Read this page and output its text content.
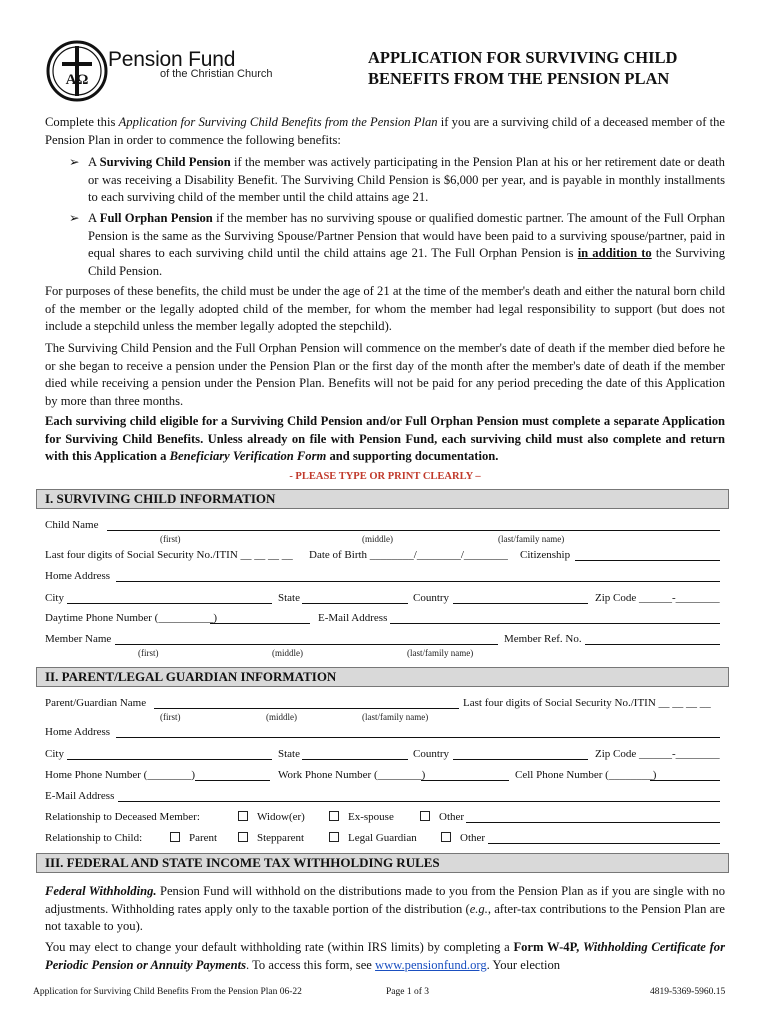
AΩ
Pension Fund
of the Christian Church
APPLICATION FOR SURVIVING CHILD
BENEFITS FROM THE PENSION PLAN
Complete this Application for Surviving Child Benefits from the Pension Plan if you are a surviving child of a deceased member of the Pension Plan in order to commence the following benefits:
➢ A Surviving Child Pension if the member was actively participating in the Pension Plan at his or her retirement date or death or was receiving a Disability Benefit. The Surviving Child Pension is $6,000 per year, and is payable in monthly installments to each surviving child of the member until the child attains age 21.
➢ A Full Orphan Pension if the member has no surviving spouse or qualified domestic partner. The amount of the Full Orphan Pension is the same as the Surviving Spouse/Partner Pension that would have been paid to a surviving spouse/partner, paid in equal shares to each surviving child until the child attains age 21. The Full Orphan Pension is in addition to the Surviving Child Pension.
For purposes of these benefits, the child must be under the age of 21 at the time of the member's death and either the natural born child of the member or the legally adopted child of the member, for whom the member had legal responsibility to support (but does not include a stepchild unless the member legally adopted the stepchild).
The Surviving Child Pension and the Full Orphan Pension will commence on the member's date of death if the member died before he or she began to receive a pension under the Pension Plan or the first day of the month after the member's date of death if the member died while receiving a pension under the Pension Plan. Benefits will not be paid for any period preceding the date of this Application by more than three months.
Each surviving child eligible for a Surviving Child Pension and/or Full Orphan Pension must complete a separate Application for Surviving Child Benefits. Unless already on file with Pension Fund, each surviving child must also complete and return with this Application a Beneficiary Verification Form and supporting documentation.
- PLEASE TYPE OR PRINT CLEARLY –
I. SURVIVING CHILD INFORMATION
Child Name
(first)	(middle)	(last/family name)
Last four digits of Social Security No./ITIN __ __ __ __ Date of Birth ________/________/________ Citizenship
Home Address
City	State	Country	Zip Code ______-________
Daytime Phone Number (__________)	E-Mail Address
Member Name	Member Ref. No.
(first)	(middle)	(last/family name)
II. PARENT/LEGAL GUARDIAN INFORMATION
Parent/Guardian Name	Last four digits of Social Security No./ITIN __ __ __ __
(first)	(middle)	(last/family name)
Home Address
City	State	Country	Zip Code ______-________
Home Phone Number (________)	Work Phone Number (________)	Cell Phone Number (________)
E-Mail Address
Relationship to Deceased Member:	Widow(er)	Ex-spouse	Other
Relationship to Child:	Parent	Stepparent	Legal Guardian	Other
III. FEDERAL AND STATE INCOME TAX WITHHOLDING RULES
Federal Withholding. Pension Fund will withhold on the distributions made to you from the Pension Plan as if you are single with no adjustments. Withholding rates apply only to the taxable portion of the distribution (e.g., after-tax contributions to the Pension Plan are not taxable to you).
You may elect to change your default withholding rate (within IRS limits) by completing a Form W-4P, Withholding Certificate for Periodic Pension or Annuity Payments. To access this form, see www.pensionfund.org. Your election
Application for Surviving Child Benefits From the Pension Plan 06-22	Page 1 of 3	4819-5369-5960.15
